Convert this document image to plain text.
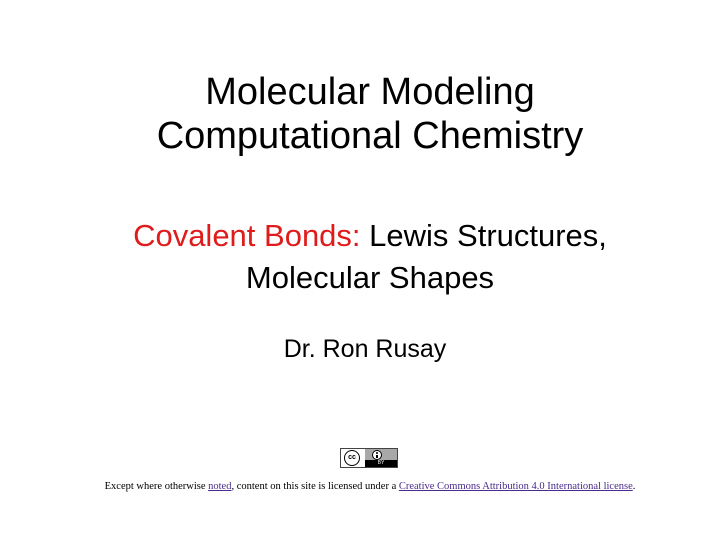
Molecular Modeling
Computational Chemistry
Covalent Bonds: Lewis Structures,
Molecular Shapes
Dr. Ron Rusay
cc
BY
Except where otherwise noted, content on this site is licensed under a Creative Commons Attribution 4.0 International license.
